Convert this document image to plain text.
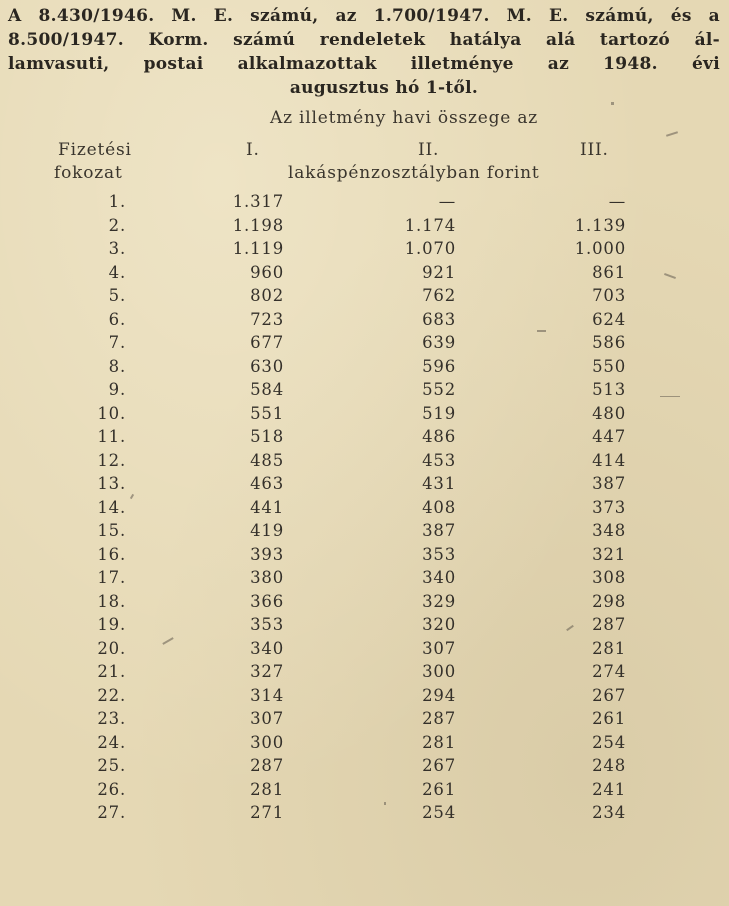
A 8.430/1946. M. E. számú, az 1.700/1947. M. E. számú, és a
8.500/1947. Korm. számú rendeletek hatálya alá tartozó ál-
lamvasuti, postai alkalmazottak illetménye az 1948. évi
augusztus hó 1-től.
Az illetmény havi összege az
Fizetési
fokozat
I.	II.	III.
lakáspénzosztályban forint
1.	1.317	—	—
2.	1.198	1.174	1.139
3.	1.119	1.070	1.000
4.	960	921	861
5.	802	762	703
6.	723	683	624
7.	677	639	586
8.	630	596	550
9.	584	552	513
10.	551	519	480
11.	518	486	447
12.	485	453	414
13.	463	431	387
14.	441	408	373
15.	419	387	348
16.	393	353	321
17.	380	340	308
18.	366	329	298
19.	353	320	287
20.	340	307	281
21.	327	300	274
22.	314	294	267
23.	307	287	261
24.	300	281	254
25.	287	267	248
26.	281	261	241
27.	271	254	234
